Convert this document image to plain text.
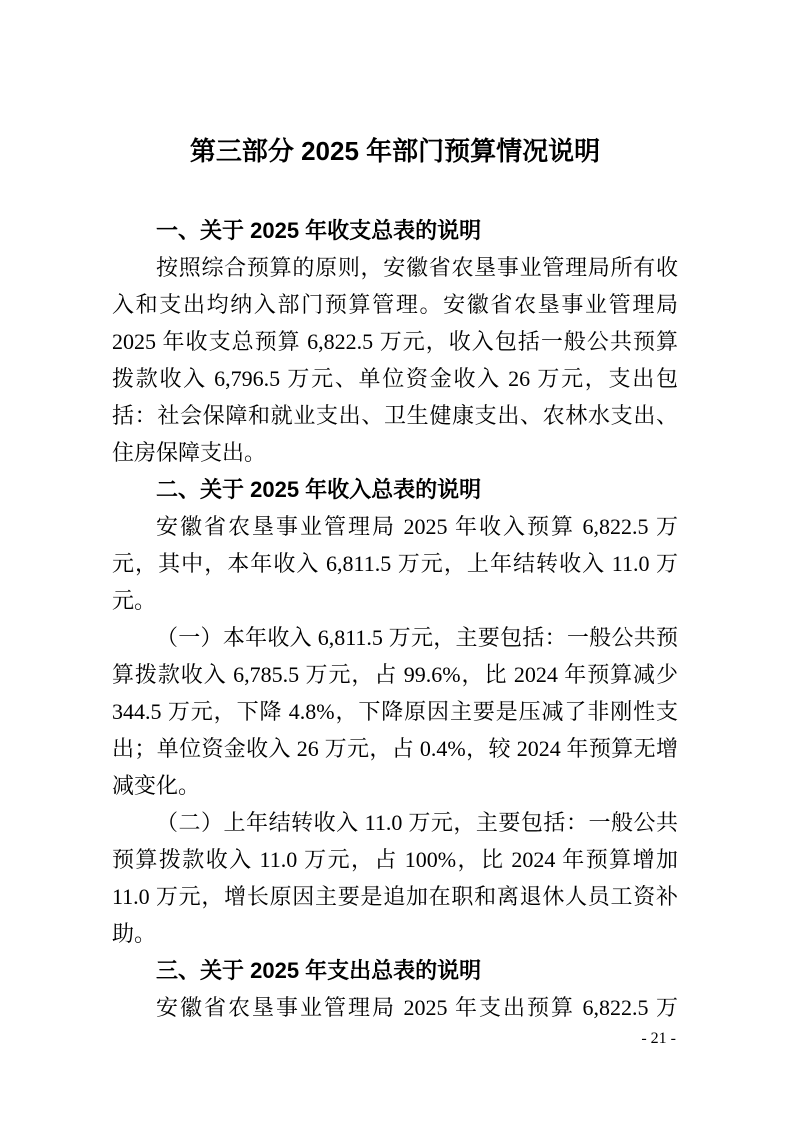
第三部分 2025 年部门预算情况说明
一、关于 2025 年收支总表的说明

按照综合预算的原则，安徽省农垦事业管理局所有收入和支出均纳入部门预算管理。安徽省农垦事业管理局 2025 年收支总预算 6,822.5 万元，收入包括一般公共预算拨款收入 6,796.5 万元、单位资金收入 26 万元，支出包括：社会保障和就业支出、卫生健康支出、农林水支出、住房保障支出。

二、关于 2025 年收入总表的说明

安徽省农垦事业管理局 2025 年收入预算 6,822.5 万元，其中，本年收入 6,811.5 万元，上年结转收入 11.0 万元。

（一）本年收入 6,811.5 万元，主要包括：一般公共预算拨款收入 6,785.5 万元，占 99.6%，比 2024 年预算减少 344.5 万元，下降 4.8%，下降原因主要是压减了非刚性支出；单位资金收入 26 万元，占 0.4%，较 2024 年预算无增减变化。

（二）上年结转收入 11.0 万元，主要包括：一般公共预算拨款收入 11.0 万元，占 100%，比 2024 年预算增加 11.0 万元，增长原因主要是追加在职和离退休人员工资补助。

三、关于 2025 年支出总表的说明

安徽省农垦事业管理局 2025 年支出预算 6,822.5 万

- 21 -
